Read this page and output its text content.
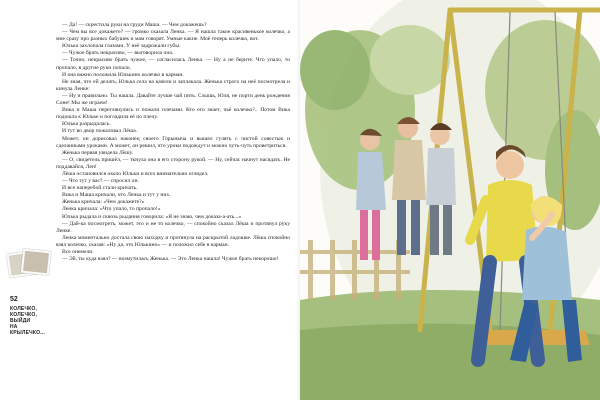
52
КОЛЕЧКО,
КОЛЕЧКО,
ВЫЙДИ
НА КРЫЛЕЧКО...

— Да! — скрестила руки на груди Маша. — Чем докажешь?

— Чем вы все докажете? — громко сказала Ленка. — Я нашла такое красивенькое колечко, а мне сразу про разных бабушек и мам говорят. Умные какие. Моё теперь колечко, вот.

Юлька захлопала глазами. У неё задрожали губы.

— Чужое брать некрасиво, — выговорила она.

— Точно, некрасиво брать чужое, — согласилась Ленка. — Ну а не берите. Что упало, то пропало, в другие руки попало.

И она важно положила Юлькино колечко в карман.

Не зная, что ей делать, Юлька села на качели и заплакала. Женька строго на неё посмотрела и кинула Ленке:

— Ну и правильно. Ты нашла. Давайте лучше чай пить. Слышь, Юля, не порти день рождения Соне! Мы же играем!

Вика и Маша переглянулись и пожали плечами. Кто его знает, чьё колечко?.. Потом Вика подошла к Юльке и погладила её по плечу.

Юлька разрыдалась.

И тут во двор пожаловал Лёша.

Может, он дорисовал наконец своего Горыныча и вышел гулять с чистой совестью и сделанными уроками. А может, он решил, что уроки подождут и можно чуть-чуть проветриться.

Женька первая увидела Лёшу.

— О, свидетель пришёл, — ткнула она в его сторону рукой. — Ну, сейчас начнут насядать. Не поддавайся, Лен!

Лёша остановился около Юльки и всех внимательно оглядел.

— Что тут у вас? — спросил он.

И все наперебой стали кричать.

Вика и Маша кричали, что Ленка и тут у них.

Женька кричала: «Чем докажете?»

Ленка кричала: «Что упало, то пропало!»

Юлька рыдала и сквозь рыдания говорила: «Я не знаю, чем доказа-а-ать...»

— Дай-ка посмотреть, может, это и не то колечко, — спокойно сказал Лёша и протянул руку Ленке.

Ленка моментально достала свою находку и протянула на раскрытой ладошке. Лёша спокойно взял колечко, сказав: «Ну да, это Юлькино» — и положил себе в карман.

Все онемели.

— Эй, ты куда взял? — возмутилась Женька. — Это Ленка нашла! Чужое брать некорошо!
